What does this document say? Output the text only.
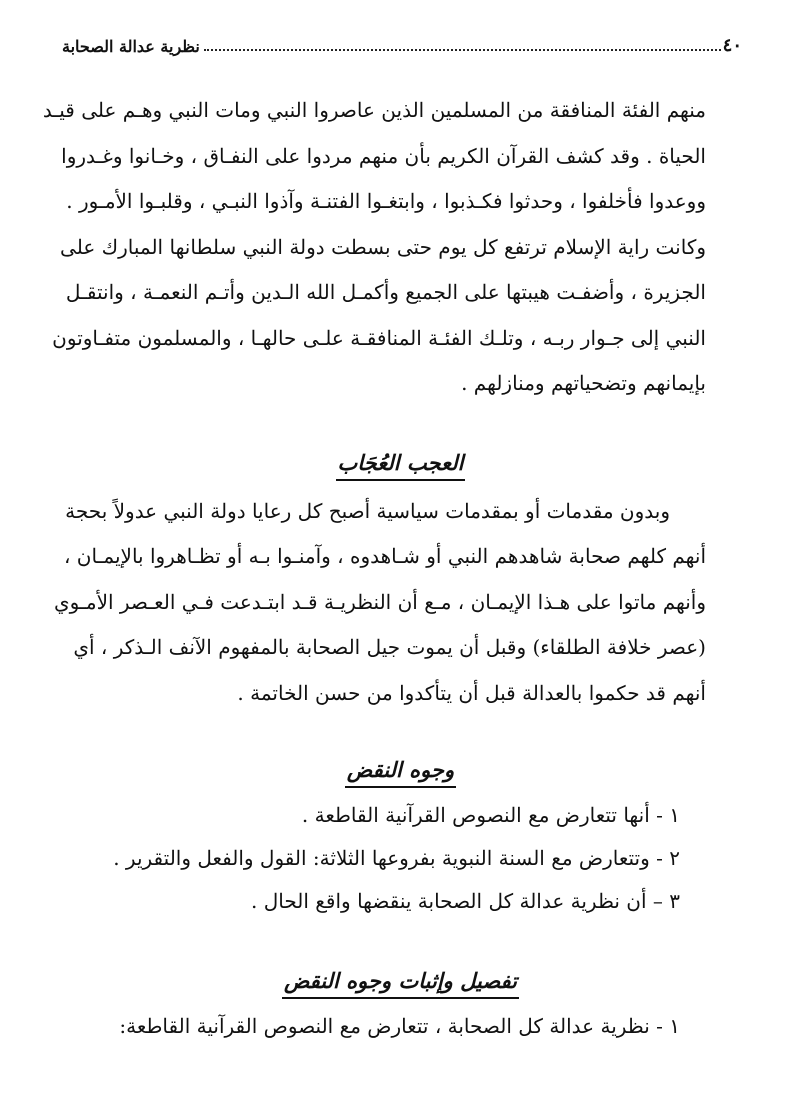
٤٠
نظرية عدالة الصحابة

منهم الفئة المنافقة من المسلمين الذين عاصروا النبي ومات النبي وهـم على قيـد
الحياة . وقد كشف القرآن الكريم بأن منهم مردوا على النفـاق ، وخـانوا وغـدروا
ووعدوا فأخلفوا ، وحدثوا فكـذبوا ، وابتغـوا الفتنـة وآذوا النبـي ، وقلبـوا الأمـور .
وكانت راية الإسلام ترتفع كل يوم حتى بسطت دولة النبي سلطانها المبارك على
الجزيرة ، وأضفـت هيبتها على الجميع وأكمـل الله الـدين وأتـم النعمـة ، وانتقـل
النبي إلى جـوار ربـه ، وتلـك الفئـة المنافقـة علـى حالهـا ، والمسلمون متفـاوتون
بإيمانهم وتضحياتهم ومنازلهم .

العجب العُجَاب

وبدون مقدمات أو بمقدمات سياسية أصبح كل رعايا دولة النبي عدولاً بحجة
أنهم كلهم صحابة شاهدهم النبي أو شـاهدوه ، وآمنـوا بـه أو تظـاهروا بالإيمـان ،
وأنهم ماتوا على هـذا الإيمـان ، مـع أن النظريـة قـد ابتـدعت فـي العـصر الأمـوي
(عصر خلافة الطلقاء) وقبل أن يموت جيل الصحابة بالمفهوم الآنف الـذكر ، أي
أنهم قد حكموا بالعدالة قبل أن يتأكدوا من حسن الخاتمة .

وجوه النقض
١ - أنها تتعارض مع النصوص القرآنية القاطعة .
٢ - وتتعارض مع السنة النبوية بفروعها الثلاثة: القول والفعل والتقرير .
٣ – أن نظرية عدالة كل الصحابة ينقضها واقع الحال .
تفصيل وإثبات وجوه النقض
١ - نظرية عدالة كل الصحابة ، تتعارض مع النصوص القرآنية القاطعة:
